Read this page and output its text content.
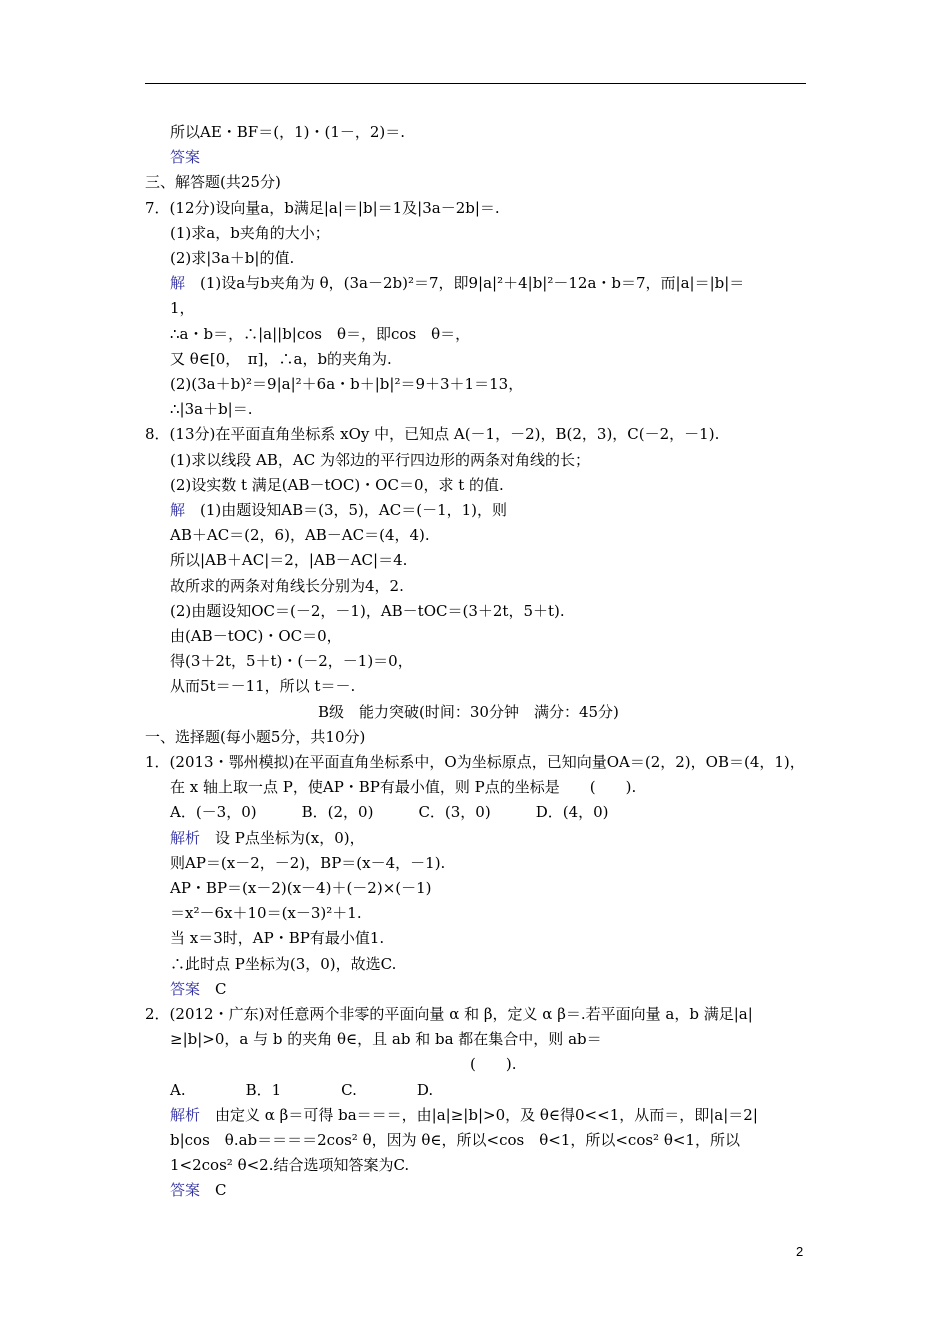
所以AE・BF＝(，1)・(1－，2)＝.
答案
三、解答题(共25分)
7．(12分)设向量a，b满足|a|＝|b|＝1及|3a－2b|＝.
(1)求a，b夹角的大小；
(2)求|3a＋b|的值.
解　(1)设a与b夹角为 θ，(3a－2b)²＝7，即9|a|²＋4|b|²－12a・b＝7，而|a|＝|b|＝
1，
∴a・b＝，∴|a||b|cos　θ＝，即cos　θ＝，
又 θ∈[0，　π]，∴a，b的夹角为.
(2)(3a＋b)²＝9|a|²＋6a・b＋|b|²＝9＋3＋1＝13，
∴|3a＋b|＝.
8．(13分)在平面直角坐标系 xOy 中，已知点 A(－1，－2)，B(2，3)，C(－2，－1).
(1)求以线段 AB，AC 为邻边的平行四边形的两条对角线的长；
(2)设实数 t 满足(AB－tOC)・OC＝0，求 t 的值.
解　(1)由题设知AB＝(3，5)，AC＝(－1，1)，则
AB＋AC＝(2，6)，AB－AC＝(4，4).
所以|AB＋AC|＝2，|AB－AC|＝4.
故所求的两条对角线长分别为4，2.
(2)由题设知OC＝(－2，－1)，AB－tOC＝(3＋2t，5＋t).
由(AB－tOC)・OC＝0，
得(3＋2t，5＋t)・(－2，－1)＝0，
从而5t＝－11，所以 t＝－.
B级　能力突破(时间：30分钟　满分：45分)
一、选择题(每小题5分，共10分)
1．(2013・鄂州模拟)在平面直角坐标系中，O为坐标原点，已知向量OA＝(2，2)，OB＝(4，1)，
在 x 轴上取一点 P，使AP・BP有最小值，则 P点的坐标是　　(　　).
A．(－3，0)　　　B．(2，0)　　　C．(3，0)　　　D．(4，0)
解析　设 P点坐标为(x，0)，
则AP＝(x－2，－2)，BP＝(x－4，－1).
AP・BP＝(x－2)(x－4)＋(－2)×(－1)
＝x²－6x＋10＝(x－3)²＋1.
当 x＝3时，AP・BP有最小值1.
∴此时点 P坐标为(3，0)，故选C.
答案　C
2．(2012・广东)对任意两个非零的平面向量 α 和 β，定义 α β＝.若平面向量 a，b 满足|a|
≥|b|>0，a 与 b 的夹角 θ∈，且 ab 和 ba 都在集合中，则 ab＝
(　　).
A.　　　　B．1　　　　C.　　　　D.
解析　由定义 α β＝可得 ba＝＝＝，由|a|≥|b|>0，及 θ∈得0<<1，从而＝，即|a|＝2|
b|cos　θ.ab＝＝＝＝2cos² θ，因为 θ∈，所以<cos　θ<1，所以<cos² θ<1，所以
1<2cos² θ<2.结合选项知答案为C.
答案　C
2
